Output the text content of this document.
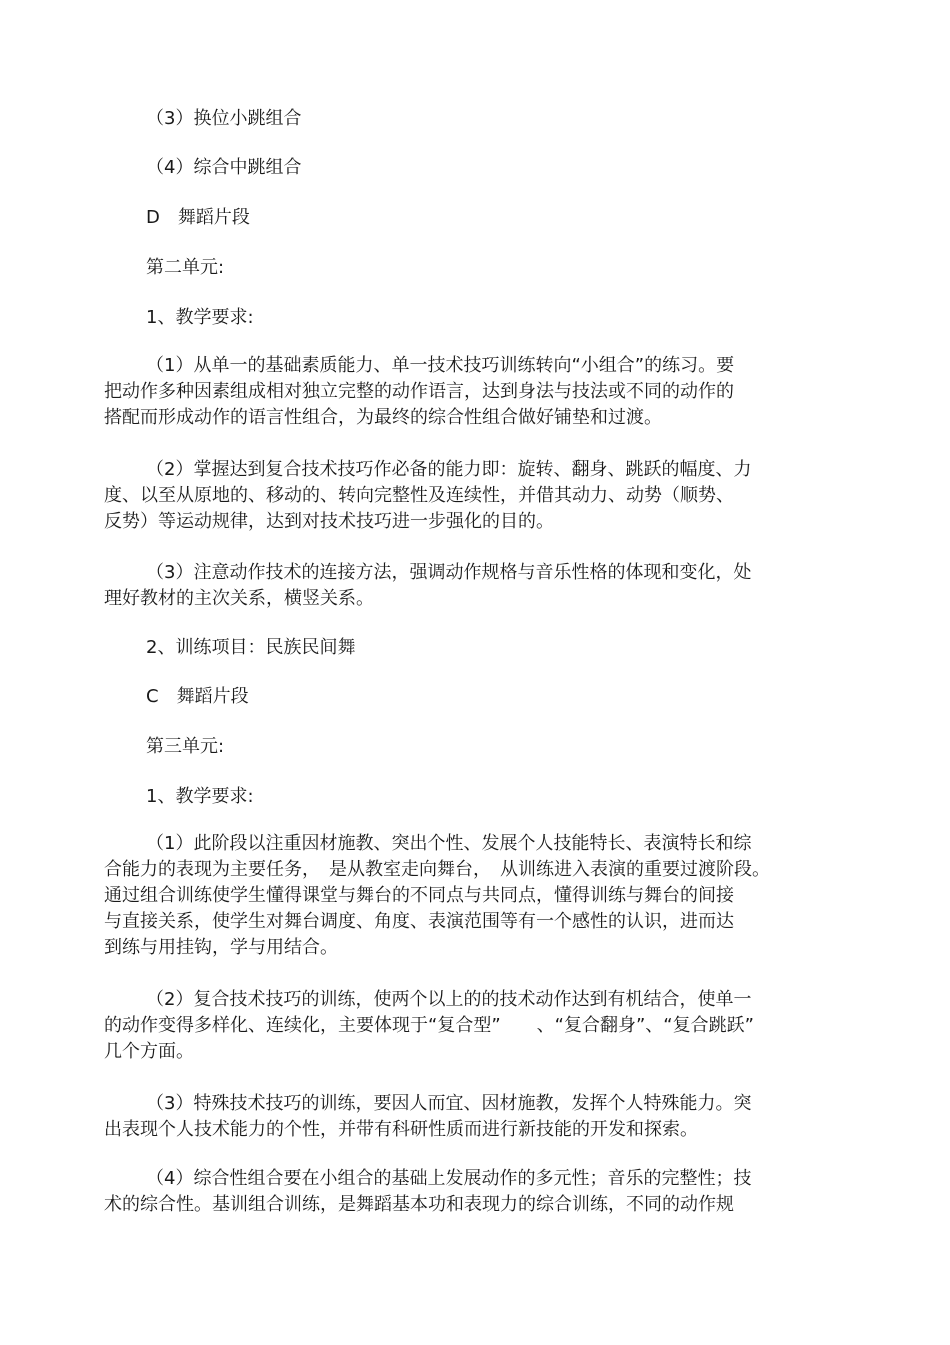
（3）换位小跳组合

（4）综合中跳组合

D　舞蹈片段

第二单元:

1、教学要求:

（1）从单一的基础素质能力、单一技术技巧训练转向“小组合”的练习。要

把动作多种因素组成相对独立完整的动作语言，达到身法与技法或不同的动作的

搭配而形成动作的语言性组合，为最终的综合性组合做好铺垫和过渡。

（2）掌握达到复合技术技巧作必备的能力即：旋转、翻身、跳跃的幅度、力

度、以至从原地的、移动的、转向完整性及连续性，并借其动力、动势（顺势、

反势）等运动规律，达到对技术技巧进一步强化的目的。

（3）注意动作技术的连接方法，强调动作规格与音乐性格的体现和变化，处

理好教材的主次关系，横竖关系。

2、训练项目：民族民间舞

C　舞蹈片段

第三单元:

1、教学要求:

（1）此阶段以注重因材施教、突出个性、发展个人技能特长、表演特长和综

合能力的表现为主要任务，　是从教室走向舞台，　从训练进入表演的重要过渡阶段。

通过组合训练使学生懂得课堂与舞台的不同点与共同点，懂得训练与舞台的间接

与直接关系，使学生对舞台调度、角度、表演范围等有一个感性的认识，进而达

到练与用挂钩，学与用结合。

（2）复合技术技巧的训练，使两个以上的的技术动作达到有机结合，使单一

的动作变得多样化、连续化，主要体现于“复合型”　　、“复合翻身”、“复合跳跃”

几个方面。

（3）特殊技术技巧的训练，要因人而宜、因材施教，发挥个人特殊能力。突

出表现个人技术能力的个性，并带有科研性质而进行新技能的开发和探索。

（4）综合性组合要在小组合的基础上发展动作的多元性；音乐的完整性；技

术的综合性。基训组合训练，是舞蹈基本功和表现力的综合训练，不同的动作规
